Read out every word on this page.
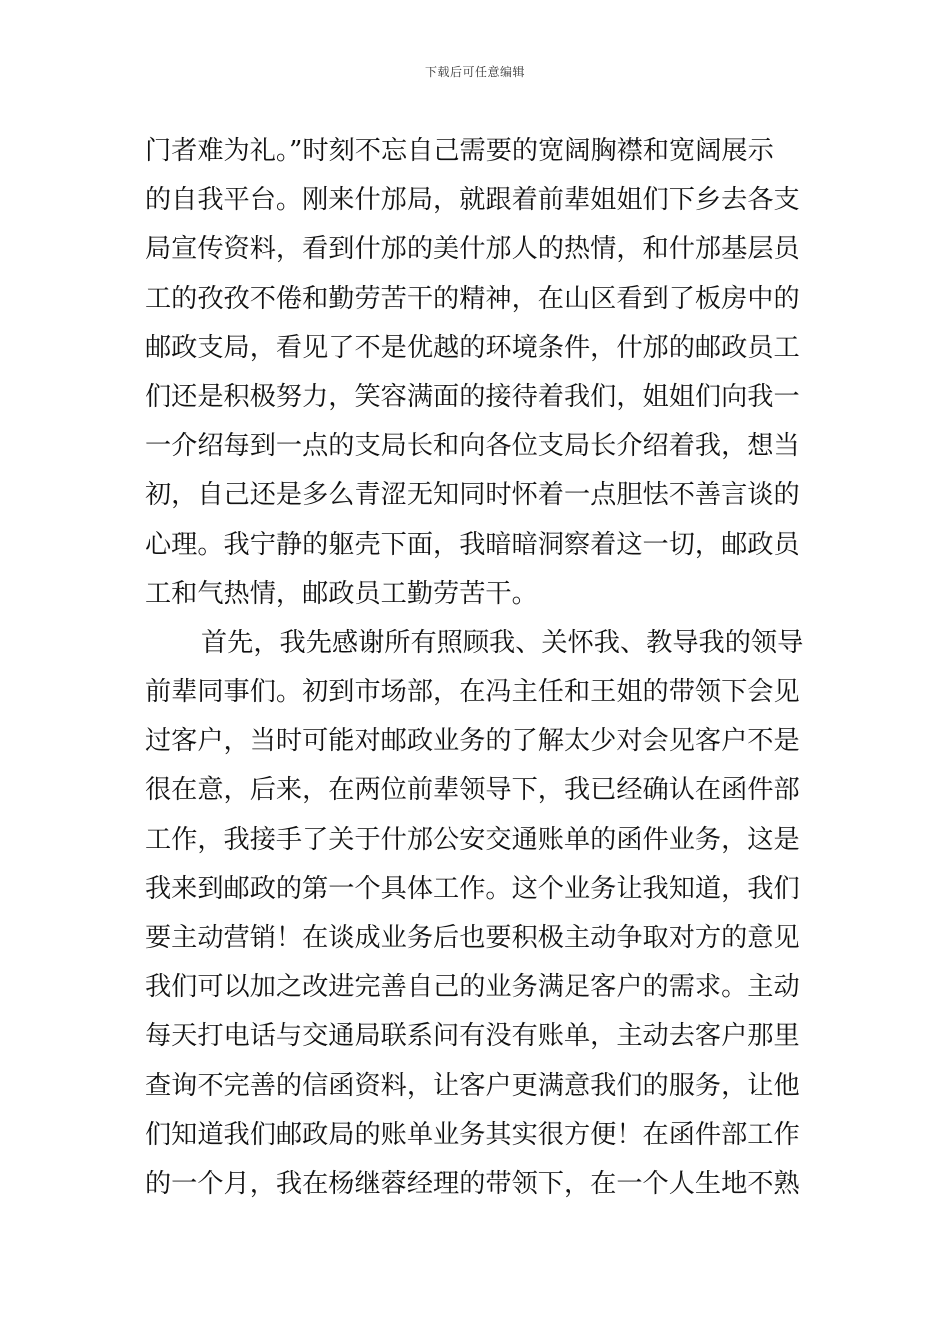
下载后可任意编辑
门者难为礼。”时刻不忘自己需要的宽阔胸襟和宽阔展示
的自我平台。刚来什邡局，就跟着前辈姐姐们下乡去各支
局宣传资料，看到什邡的美什邡人的热情，和什邡基层员
工的孜孜不倦和勤劳苦干的精神，在山区看到了板房中的
邮政支局，看见了不是优越的环境条件，什邡的邮政员工
们还是积极努力，笑容满面的接待着我们，姐姐们向我一
一介绍每到一点的支局长和向各位支局长介绍着我，想当
初，自己还是多么青涩无知同时怀着一点胆怯不善言谈的
心理。我宁静的躯壳下面，我暗暗洞察着这一切，邮政员
工和气热情，邮政员工勤劳苦干。
首先，我先感谢所有照顾我、关怀我、教导我的领导
前辈同事们。初到市场部，在冯主任和王姐的带领下会见
过客户，当时可能对邮政业务的了解太少对会见客户不是
很在意，后来，在两位前辈领导下，我已经确认在函件部
工作，我接手了关于什邡公安交通账单的函件业务，这是
我来到邮政的第一个具体工作。这个业务让我知道，我们
要主动营销！在谈成业务后也要积极主动争取对方的意见
我们可以加之改进完善自己的业务满足客户的需求。主动
每天打电话与交通局联系问有没有账单，主动去客户那里
查询不完善的信函资料，让客户更满意我们的服务，让他
们知道我们邮政局的账单业务其实很方便！在函件部工作
的一个月，我在杨继蓉经理的带领下，在一个人生地不熟
